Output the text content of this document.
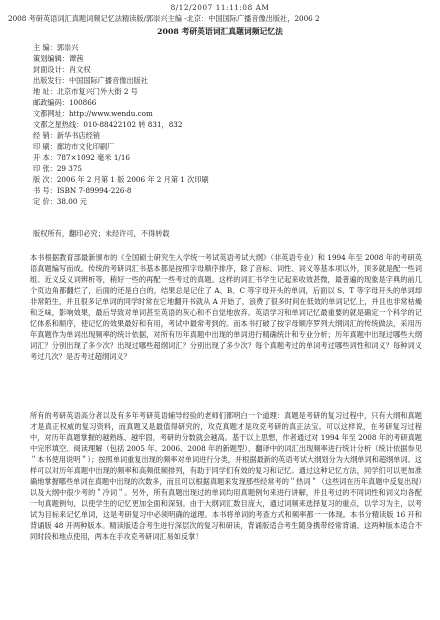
8/12/2007 11:11:08 AM
2008 考研英语词汇真题词频记忆法精读版/郭崇兴主编 -北京：中国国际广播音像出版社，2006 2
2008 考研英语词汇真题词频记忆法
主 编：郭崇兴
策划编辑：谭茜
封面设计：肖文权
出版发行：中国国际广播音像出版社
地 址：北京市复兴门外大街 2 号
邮政编码：100866
文都网址：http://www.wendu.com
文都之星热线：010-88422102 转 831，832
经 销：新华书店经销
印 刷：廊坊市文化印刷厂
开 本：787×1092 毫米 1/16
印 张：29 375
版 次：2006 年 2 月第 1 版 2006 年 2 月第 1 次印刷
书 号：ISBN 7-89994-226-8
定 价：38.00 元
版权所有，翻印必究；未经许可，不得转载

本书根据教育部最新颁布的《全国硕士研究生入学统一考试英语考试大纲》（非英语专业）和 1994 年至 2008 年的考研英语真题编写而成。传统的考研词汇书基本都是按照字母顺序排序，除了音标、词性、词义等基本项以外，顶多就是配一些词组、近义反义词辨析等，稍好一些的再配一些考过的真题。这样的词汇书学生记起来收效甚微，最普遍的现象是字典的前几个页边角都翻烂了，后面的还是白白的，结果总是记住了 A、B、C 等字母开头的单词，后面以 S、T 等字母开头的单词却非常陌生，并且很多记单词的同学时常在它地翻开书就从 A 开始了，浪费了很多时间在低效的单词记忆上，并且也非常枯燥和乏味，影响效果，最后导致对单词甚至英语的灰心和不自觉地放弃。英语学习和单词记忆最重要的就是确定一个科学的记忆体系和顺序，使记忆的效果最好和有用，考试中最常考到的。而本书打破了按字母顺序罗列大纲词汇的传统做法，采用历年真题作为单词出现频率的统计依据，对所有历年真题中出现的单词进行精确统计和专业分析；历年真题中出现过哪些大纲词汇？分别出现了多少次？出现过哪些超纲词汇？分别出现了多少次？每个真题考过的单词考过哪些词性和词义？每种词义考过几次？是否考过超纲词义？

所有的考研英语高分者以及有多年考研英语辅导经验的老师们都明白一个道理：真题是考研的复习过程中，只有大纲和真题才是真正权威的复习资料，而真题又是最值得研究的，攻克真题才是攻克考研的真正法宝。可以这样说，在考研复习过程中，对历年真题掌握的越熟练、越牢固，考研的分数就会越高。基于以上思想，作者通过对 1994 年至 2008 年的考研真题中完形填空、阅读理解（包括 2005 年、2006、2008 年的新题型）、翻译中的词汇出现频率进行统计分析（统计依据参见＂本书使用说明＂）；按照单词重复出现的频率对单词进行分类，并根据最新的英语考试大纲划分为大纲单词和超纲单词。这样可以对历年真题中出现的频率和高频低频排列，有助于同学们有效的复习和记忆。通过这种记忆方法，同学们可以更加准确地掌握哪些单词在真题中出现的次数多，而且可以根据真题来发现那些经常考的＂热词＂（这些词在历年真题中反复出现）以及大纲中很少考的＂冷词＂。另外，所有真题出现过的单词均用真题例句来进行讲解，并且考过的不同词性和词义均各配一句真题例句，以使学生的记忆更加全面和深刻。由于大纲词汇数目庞大，通过词频来选择复习的重点，以学习为主，以考试为目标来记忆单词，这是考研复习中必须明确的道理。本书将单词的考查方式和频率都一一体现。本书分精读版 16 开和背诵版 48 开两种版本。精读版适合考生进行深层次的复习和研读，背诵版适合考生随身携带经常背诵。这两种版本适合不同时段和地点使用，两本在手攻克考研词汇易如反掌！
